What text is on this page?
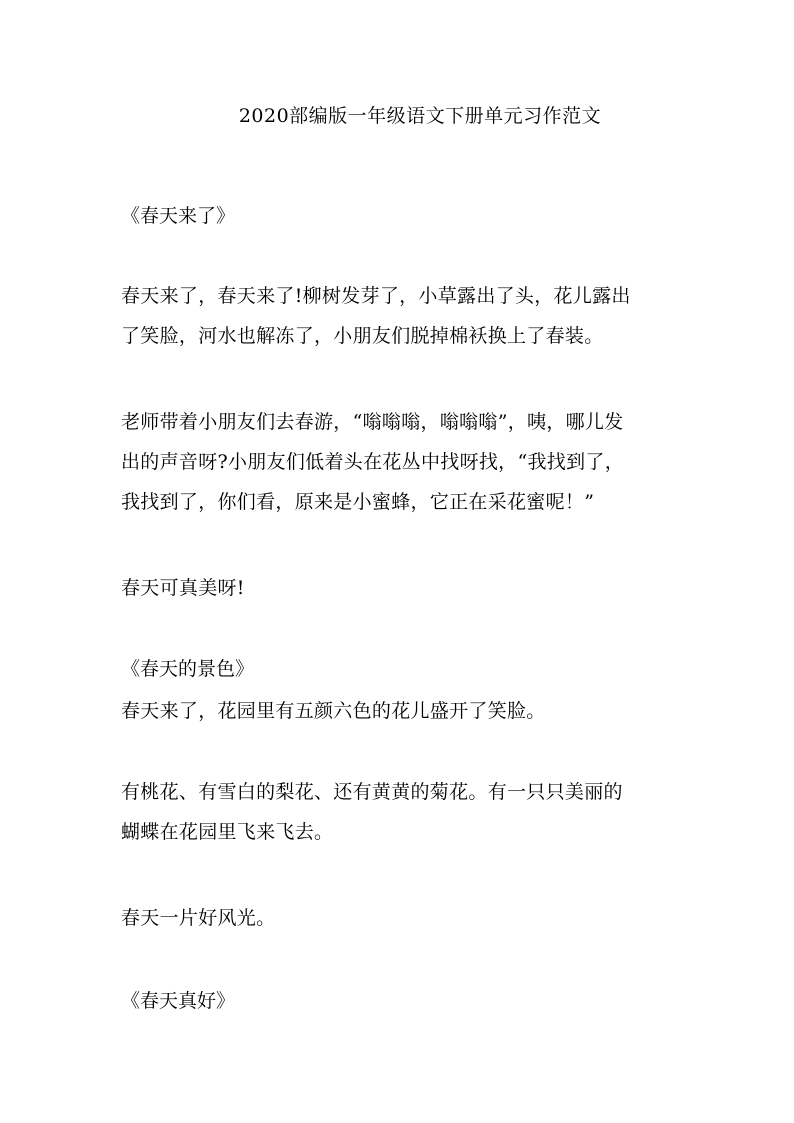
2020部编版一年级语文下册单元习作范文
《春天来了》
春天来了，春天来了!柳树发芽了，小草露出了头，花儿露出
了笑脸，河水也解冻了，小朋友们脱掉棉袄换上了春装。
老师带着小朋友们去春游，“嗡嗡嗡，嗡嗡嗡”，咦，哪儿发
出的声音呀?小朋友们低着头在花丛中找呀找，“我找到了，
我找到了，你们看，原来是小蜜蜂，它正在采花蜜呢！”
春天可真美呀!
《春天的景色》
春天来了，花园里有五颜六色的花儿盛开了笑脸。
有桃花、有雪白的梨花、还有黄黄的菊花。有一只只美丽的
蝴蝶在花园里飞来飞去。
春天一片好风光。
《春天真好》
